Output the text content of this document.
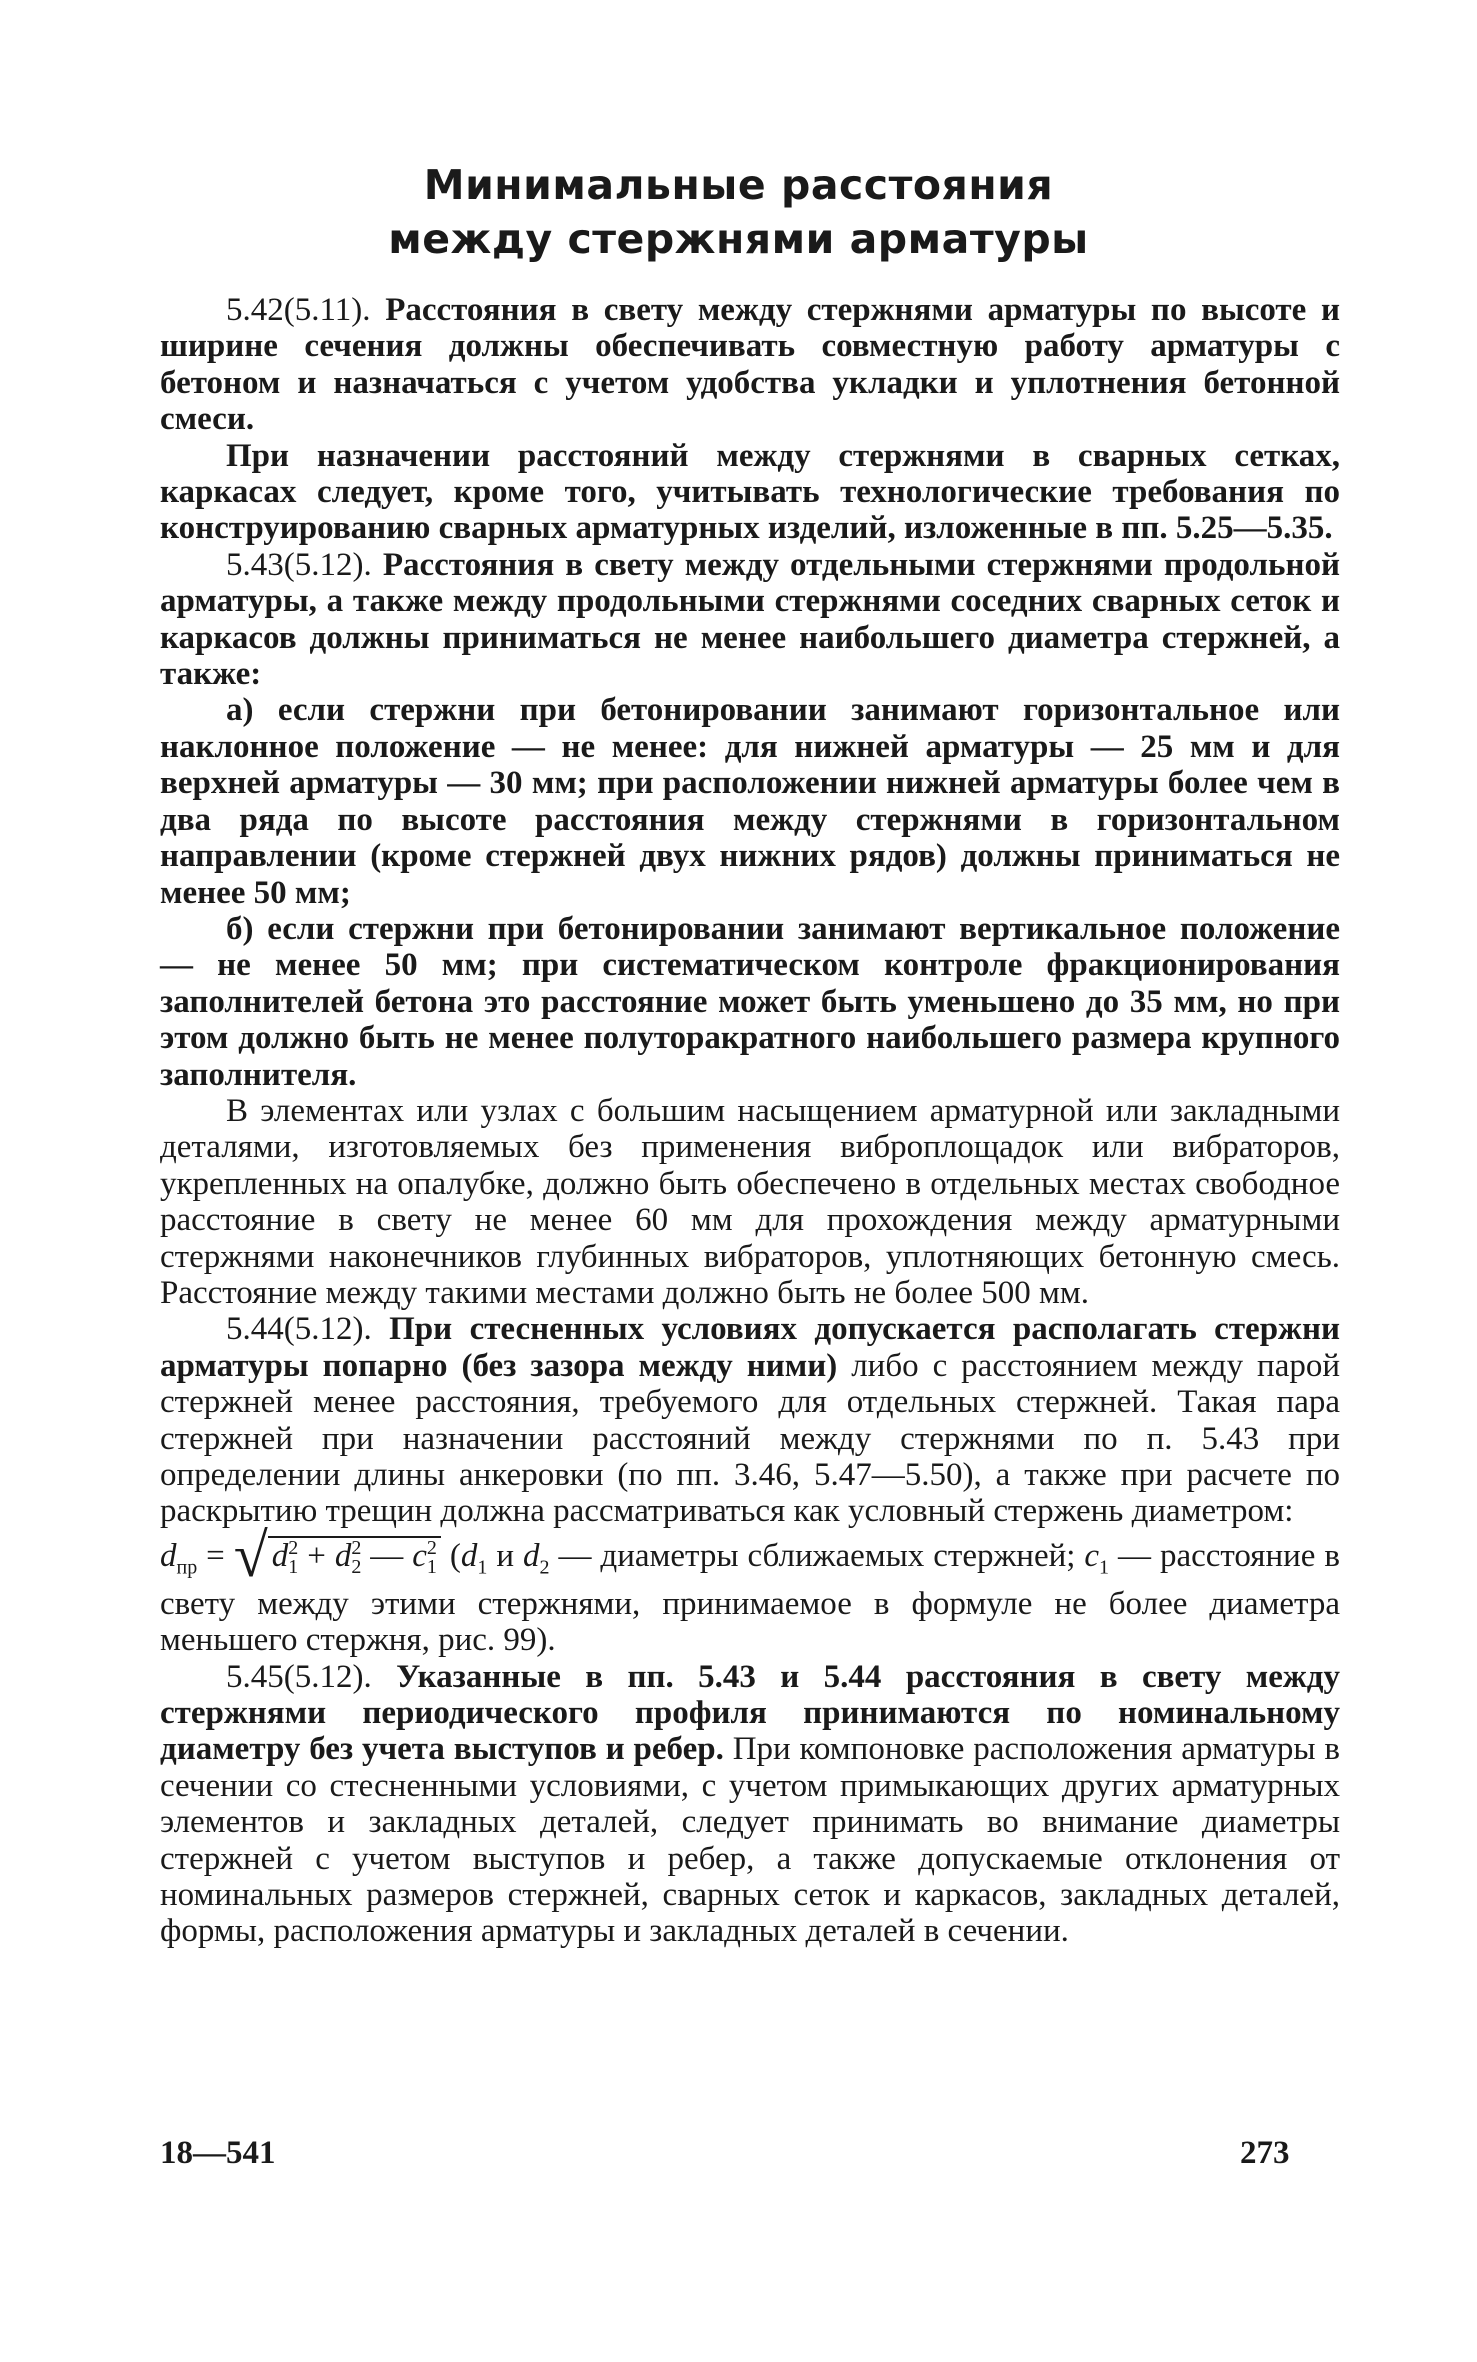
Минимальные расстояния
между стержнями арматуры

5.42(5.11). Расстояния в свету между стержнями арматуры по высоте и ширине сечения должны обеспечивать совместную работу арматуры с бетоном и назначаться с учетом удобства укладки и уплотнения бетонной смеси.

При назначении расстояний между стержнями в сварных сетках, каркасах следует, кроме того, учитывать технологические требования по конструированию сварных арматурных изделий, изложенные в пп. 5.25—5.35.

5.43(5.12). Расстояния в свету между отдельными стержнями продольной арматуры, а также между продольными стержнями соседних сварных сеток и каркасов должны приниматься не менее наибольшего диаметра стержней, а также:

а) если стержни при бетонировании занимают горизонтальное или наклонное положение — не менее: для нижней арматуры — 25 мм и для верхней арматуры — 30 мм; при расположении нижней арматуры более чем в два ряда по высоте расстояния между стержнями в горизонтальном направлении (кроме стержней двух нижних рядов) должны приниматься не менее 50 мм;

б) если стержни при бетонировании занимают вертикальное положение — не менее 50 мм; при систематическом контроле фракционирования заполнителей бетона это расстояние может быть уменьшено до 35 мм, но при этом должно быть не менее полуторакратного наибольшего размера крупного заполнителя.

В элементах или узлах с большим насыщением арматурной или закладными деталями, изготовляемых без применения виброплощадок или вибраторов, укрепленных на опалубке, должно быть обеспечено в отдельных местах свободное расстояние в свету не менее 60 мм для прохождения между арматурными стержнями наконечников глубинных вибраторов, уплотняющих бетонную смесь. Расстояние между такими местами должно быть не более 500 мм.

5.44(5.12). При стесненных условиях допускается располагать стержни арматуры попарно (без зазора между ними) либо с расстоянием между парой стержней менее расстояния, требуемого для отдельных стержней. Такая пара стержней при назначении расстояний между стержнями по п. 5.43 при определении длины анкеровки (по пп. 3.46, 5.47—5.50), а также при расчете по раскрытию трещин должна рассматриваться как условный стержень диаметром:

$d_{пр}$ = √ $d^2_1 + d^2_2$ — $c^2_1$ ($d_1$ и $d_2$ — диаметры сближаемых стержней; $c_1$ — расстояние в свету между этими стержнями, принимаемое в формуле не более диаметра меньшего стержня, рис. 99).

5.45(5.12). Указанные в пп. 5.43 и 5.44 расстояния в свету между стержнями периодического профиля принимаются по номинальному диаметру без учета выступов и ребер. При компоновке расположения арматуры в сечении со стесненными условиями, с учетом примыкающих других арматурных элементов и закладных деталей, следует принимать во внимание диаметры стержней с учетом выступов и ребер, а также допускаемые отклонения от номинальных размеров стержней, сварных сеток и каркасов, закладных деталей, формы, расположения арматуры и закладных деталей в сечении.

18—541	273
